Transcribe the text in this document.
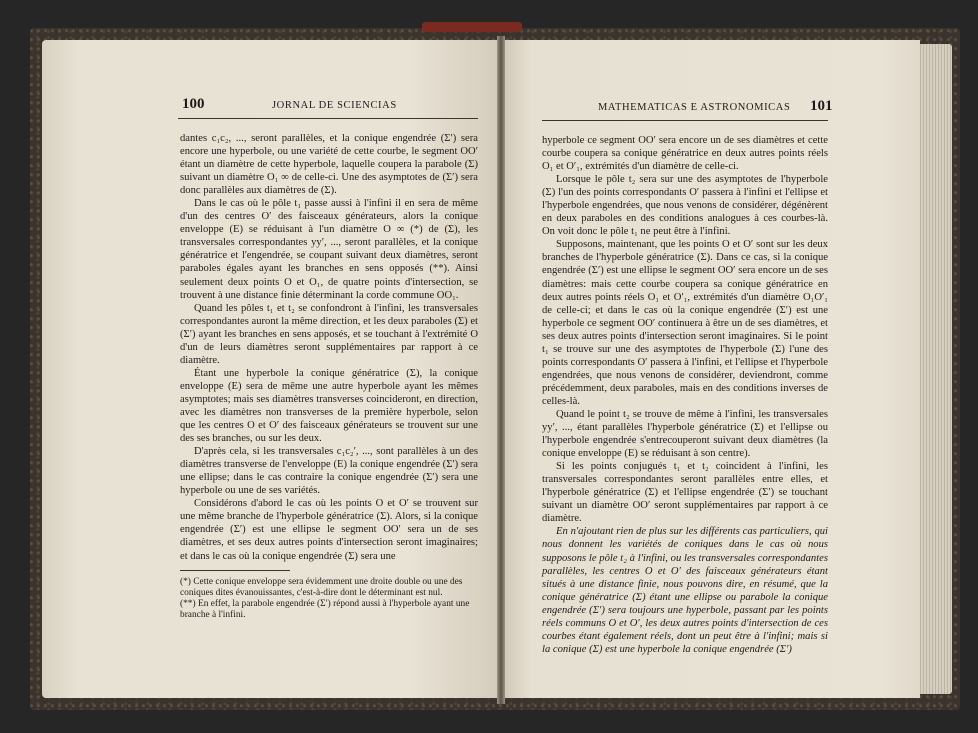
100	JORNAL DE SCIENCIAS

dantes c₁c₂, ..., seront parallèles, et la conique engendrée (Σ′) sera encore une hyperbole, ou une variété de cette courbe, le segment OO′ étant un diamètre de cette hyperbole, laquelle coupera la parabole (Σ) suivant un diamètre O₁ ∞ de celle-ci. Une des asymptotes de (Σ′) sera donc parallèles aux diamètres de (Σ).

Dans le cas où le pôle t₁ passe aussi à l'infini il en sera de même d'un des centres O′ des faisceaux générateurs, alors la conique enveloppe (E) se réduisant à l'un diamètre O ∞ (*) de (Σ), les transversales correspondantes yy′, ..., seront parallèles, et la conique génératrice et l'engendrée, se coupant suivant deux diamètres, seront paraboles égales ayant les branches en sens opposés (**). Ainsi seulement deux points O et O₁, de quatre points d'intersection, se trouvent à une distance finie déterminant la corde commune OO₁.

Quand les pôles t₁ et t₂ se confondront à l'infini, les transversales correspondantes auront la même direction, et les deux paraboles (Σ) et (Σ′) ayant les branches en sens apposés, et se touchant à l'extrémité O d'un de leurs diamètres seront supplémentaires par rapport à ce diamètre.

Étant une hyperbole la conique génératrice (Σ), la conique enveloppe (E) sera de même une autre hyperbole ayant les mêmes asymptotes; mais ses diamètres transverses coincideront, en direction, avec les diamètres non transverses de la première hyperbole, selon que les centres O et O′ des faisceaux générateurs se trouvent sur une des ses branches, ou sur les deux.

D'après cela, si les transversales c₁c₂′, ..., sont parallèles à un des diamètres transverse de l'enveloppe (E) la conique engendrée (Σ′) sera une ellipse; dans le cas contraire la conique engendrée (Σ′) sera une hyperbole ou une de ses variétés.

Considérons d'abord le cas où les points O et O′ se trouvent sur une même branche de l'hyperbole génératrice (Σ). Alors, si la conique engendrée (Σ′) est une ellipse le segment OO′ sera un de ses diamètres, et ses deux autres points d'intersection seront imaginaires; et dans le cas où la conique engendrée (Σ) sera une

(*) Cette conique enveloppe sera évidemment une droite double ou une des coniques dites évanouissantes, c'est-à-dire dont le déterminant est nul.
(**) En effet, la parabole engendrée (Σ′) répond aussi à l'hyperbole ayant une branche à l'infini.
MATHEMATICAS E ASTRONOMICAS 101

hyperbole ce segment OO′ sera encore un de ses diamètres et cette courbe coupera sa conique génératrice en deux autres points réels O₁ et O′₁, extrémités d'un diamètre de celle-ci.

Lorsque le pôle t₂ sera sur une des asymptotes de l'hyperbole (Σ) l'un des points correspondants O′ passera à l'infini et l'ellipse et l'hyperbole engendrées, que nous venons de considérer, dégénèrent en deux paraboles en des conditions analogues à ces courbes-là. On voit donc le pôle t₁ ne peut être à l'infini.

Supposons, maintenant, que les points O et O′ sont sur les deux branches de l'hyperbole génératrice (Σ). Dans ce cas, si la conique engendrée (Σ′) est une ellipse le segment OO′ sera encore un de ses diamètres: mais cette courbe coupera sa conique génératrice en deux autres points réels O₁ et O′₁, extrémités d'un diamètre O₁O′₁ de celle-ci; et dans le cas où la conique engendrée (Σ′) est une hyperbole ce segment OO′ continuera à être un de ses diamètres, et ses deux autres points d'intersection seront imaginaires. Si le point t₁ se trouve sur une des asymptotes de l'hyperbole (Σ) l'une des points correspondants O′ passera à l'infini, et l'ellipse et l'hyperbole engendrées, que nous venons de considérer, deviendront, comme précédemment, deux paraboles, mais en des conditions inverses de celles-là.

Quand le point t₂ se trouve de même à l'infini, les transversales yy′, ..., étant parallèles l'hyperbole génératrice (Σ) et l'ellipse ou l'hyperbole engendrée s'entrecouperont suivant deux diamètres (la conique enveloppe (E) se réduisant à son centre).

Si les points conjugués t₁ et t₂ coincident à l'infini, les transversales correspondantes seront parallèles entre elles, et l'hyperbole génératrice (Σ) et l'ellipse engendrée (Σ′) se touchant suivant un diamètre OO′ seront supplémentaires par rapport à ce diamètre.

En n'ajoutant rien de plus sur les différents cas particuliers, qui nous donnent les variétés de coniques dans le cas où nous supposons le pôle t₂ à l'infini, ou les transversales correspondantes parallèles, les centres O et O′ des faisceaux générateurs étant situés à une distance finie, nous pouvons dire, en résumé, que la conique génératrice (Σ) étant une ellipse ou parabole la conique engendrée (Σ′) sera toujours une hyperbole, passant par les points réels communs O et O′, les deux autres points d'intersection de ces courbes étant également réels, dont un peut être à l'infini; mais si la conique (Σ) est une hyperbole la conique engendrée (Σ′)
